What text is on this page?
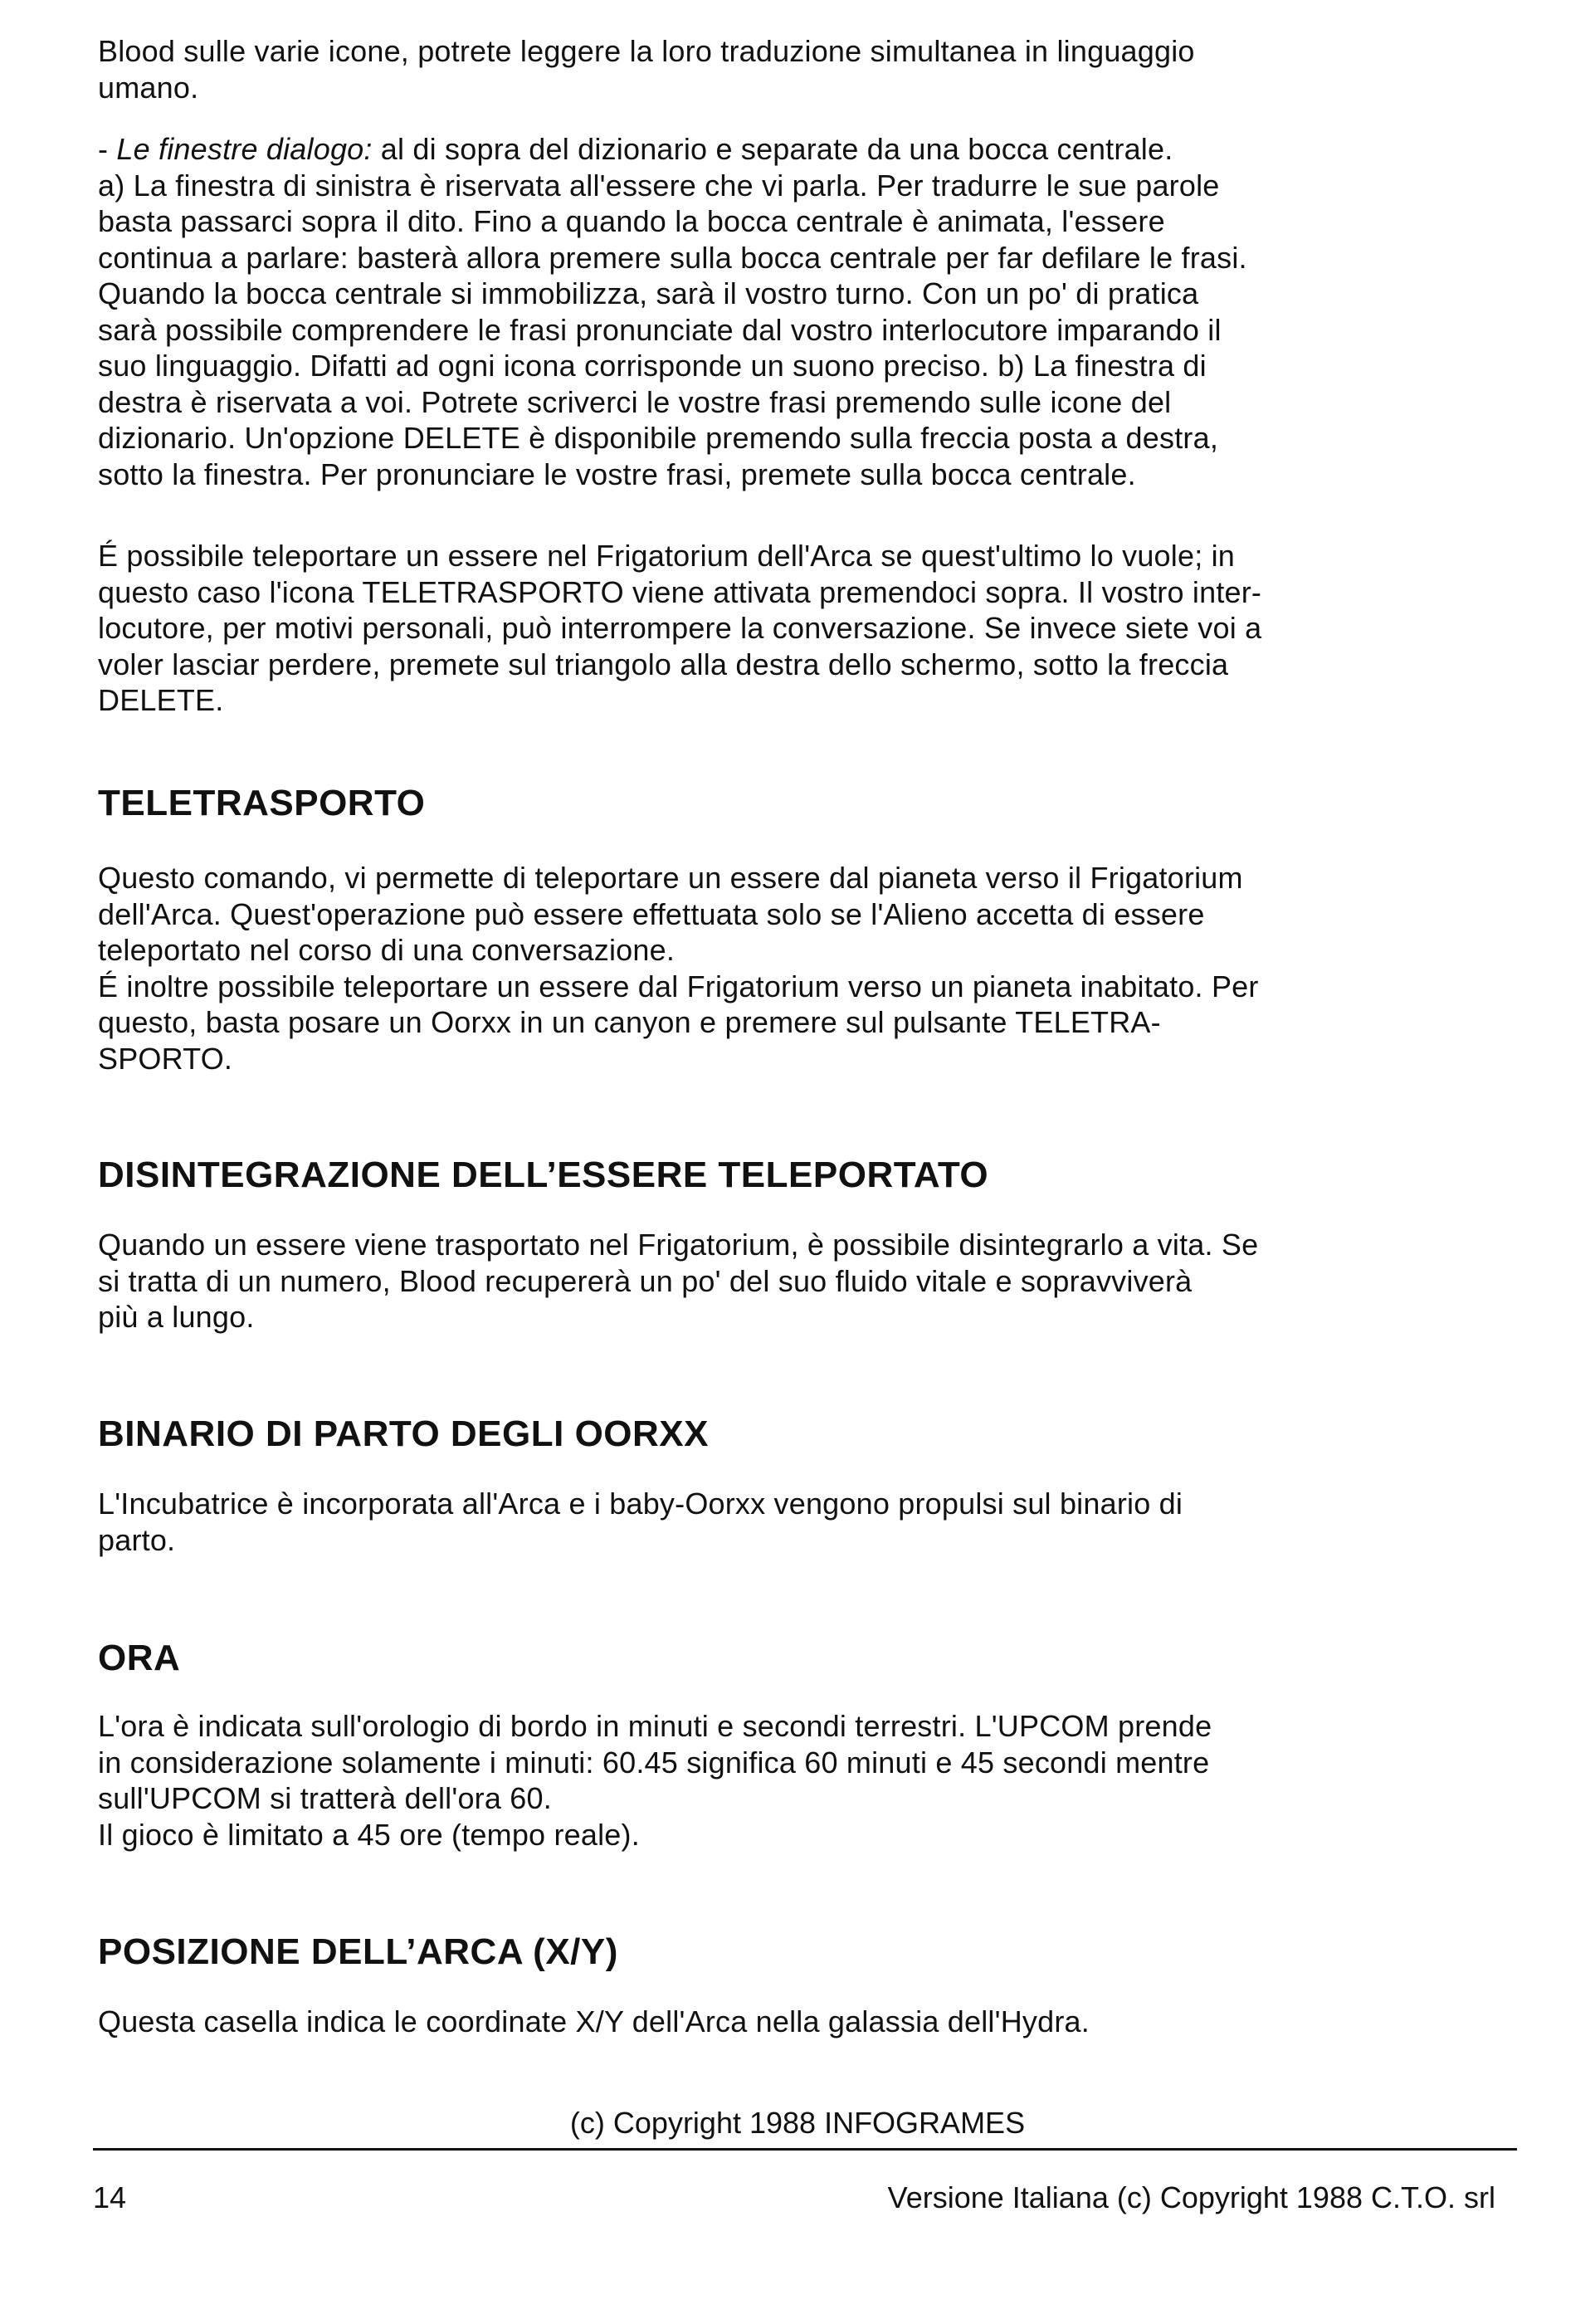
Blood sulle varie icone, potrete leggere la loro traduzione simultanea in linguaggio
umano.

- Le finestre dialogo: al di sopra del dizionario e separate da una bocca centrale.
a) La finestra di sinistra è riservata all'essere che vi parla. Per tradurre le sue parole
basta passarci sopra il dito. Fino a quando la bocca centrale è animata, l'essere
continua a parlare: basterà allora premere sulla bocca centrale per far defilare le frasi.
Quando la bocca centrale si immobilizza, sarà il vostro turno. Con un po' di pratica
sarà possibile comprendere le frasi pronunciate dal vostro interlocutore imparando il
suo linguaggio. Difatti ad ogni icona corrisponde un suono preciso. b) La finestra di
destra è riservata a voi. Potrete scriverci le vostre frasi premendo sulle icone del
dizionario. Un'opzione DELETE è disponibile premendo sulla freccia posta a destra,
sotto la finestra. Per pronunciare le vostre frasi, premete sulla bocca centrale.

É possibile teleportare un essere nel Frigatorium dell'Arca se quest'ultimo lo vuole; in
questo caso l'icona TELETRASPORTO viene attivata premendoci sopra. Il vostro inter-
locutore, per motivi personali, può interrompere la conversazione. Se invece siete voi a
voler lasciar perdere, premete sul triangolo alla destra dello schermo, sotto la freccia
DELETE.

TELETRASPORTO

Questo comando, vi permette di teleportare un essere dal pianeta verso il Frigatorium
dell'Arca. Quest'operazione può essere effettuata solo se l'Alieno accetta di essere
teleportato nel corso di una conversazione.
É inoltre possibile teleportare un essere dal Frigatorium verso un pianeta inabitato. Per
questo, basta posare un Oorxx in un canyon e premere sul pulsante TELETRA-
SPORTO.

DISINTEGRAZIONE DELL’ESSERE TELEPORTATO

Quando un essere viene trasportato nel Frigatorium, è possibile disintegrarlo a vita. Se
si tratta di un numero, Blood recupererà un po' del suo fluido vitale e sopravviverà
più a lungo.

BINARIO DI PARTO DEGLI OORXX

L'Incubatrice è incorporata all'Arca e i baby-Oorxx vengono propulsi sul binario di
parto.

ORA

L'ora è indicata sull'orologio di bordo in minuti e secondi terrestri. L'UPCOM prende
in considerazione solamente i minuti: 60.45 significa 60 minuti e 45 secondi mentre
sull'UPCOM si tratterà dell'ora 60.
Il gioco è limitato a 45 ore (tempo reale).

POSIZIONE DELL’ARCA (X/Y)

Questa casella indica le coordinate X/Y dell'Arca nella galassia dell'Hydra.

(c) Copyright 1988 INFOGRAMES
14	Versione Italiana (c) Copyright 1988 C.T.O. srl
